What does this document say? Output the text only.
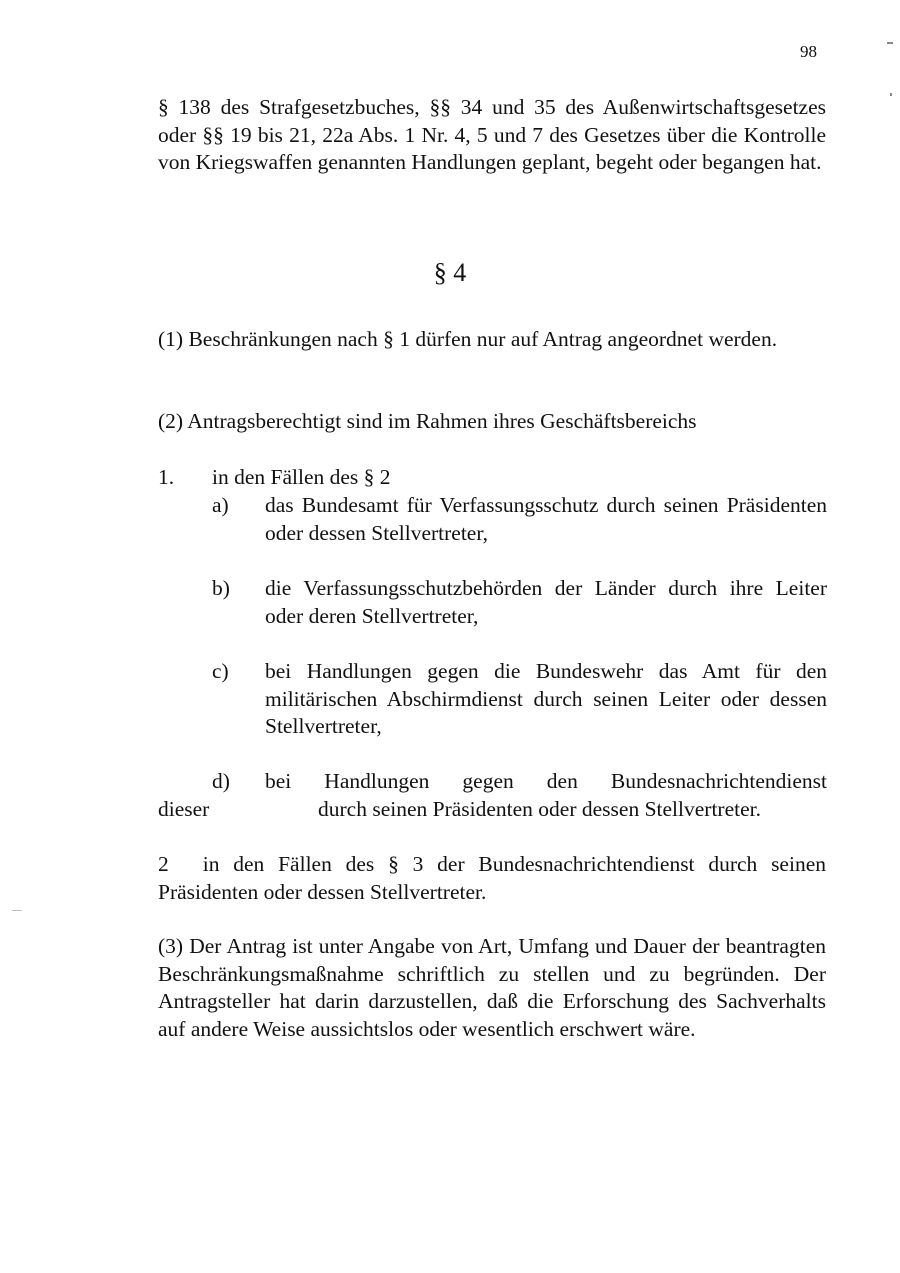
98

§ 138 des Strafgesetzbuches, §§ 34 und 35 des Außenwirtschaftsgesetzes oder §§ 19 bis 21, 22a Abs. 1 Nr. 4, 5 und 7 des Gesetzes über die Kontrolle von Kriegswaffen genannten Handlungen geplant, begeht oder begangen hat.

§ 4

(1) Beschränkungen nach § 1 dürfen nur auf Antrag angeordnet werden.

(2) Antragsberechtigt sind im Rahmen ihres Geschäftsbereichs

1. in den Fällen des § 2
a) das Bundesamt für Verfassungsschutz durch seinen Präsidenten oder dessen Stellvertreter,
b) die Verfassungsschutzbehörden der Länder durch ihre Leiter oder deren Stellvertreter,
c) bei Handlungen gegen die Bundeswehr das Amt für den militärischen Abschirmdienst durch seinen Leiter oder dessen Stellvertreter,
d) bei Handlungen gegen den Bundesnachrichtendienst
dieser	durch seinen Präsidenten oder dessen Stellvertreter.
2 in den Fällen des § 3 der Bundesnachrichtendienst durch seinen Präsidenten oder dessen Stellvertreter.

(3) Der Antrag ist unter Angabe von Art, Umfang und Dauer der beantragten Beschränkungsmaßnahme schriftlich zu stellen und zu begründen. Der Antragsteller hat darin darzustellen, daß die Erforschung des Sachverhalts auf andere Weise aussichtslos oder wesentlich erschwert wäre.
